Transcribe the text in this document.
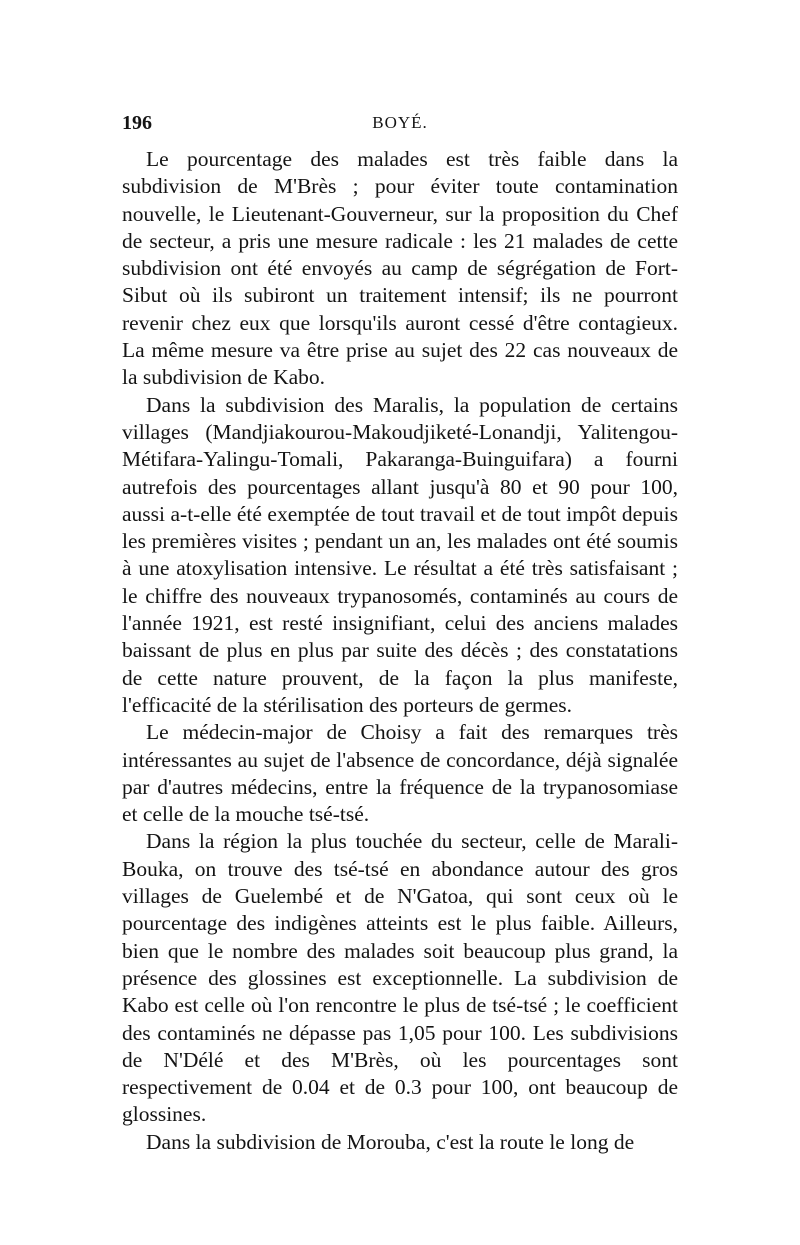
196	BOYÉ.

Le pourcentage des malades est très faible dans la subdivision de M'Brès ; pour éviter toute contamination nouvelle, le Lieutenant-Gouverneur, sur la proposition du Chef de secteur, a pris une mesure radicale : les 21 malades de cette subdivision ont été envoyés au camp de ségrégation de Fort-Sibut où ils subiront un traitement intensif; ils ne pourront revenir chez eux que lorsqu'ils auront cessé d'être contagieux. La même mesure va être prise au sujet des 22 cas nouveaux de la subdivision de Kabo.

Dans la subdivision des Maralis, la population de certains villages (Mandjiakourou-Makoudjiketé-Lonandji, Yalitengou-Métifara-Yalingu-Tomali, Pakaranga-Buinguifara) a fourni autrefois des pourcentages allant jusqu'à 80 et 90 pour 100, aussi a-t-elle été exemptée de tout travail et de tout impôt depuis les premières visites ; pendant un an, les malades ont été soumis à une atoxylisation intensive. Le résultat a été très satisfaisant ; le chiffre des nouveaux trypanosomés, contaminés au cours de l'année 1921, est resté insignifiant, celui des anciens malades baissant de plus en plus par suite des décès ; des constatations de cette nature prouvent, de la façon la plus manifeste, l'efficacité de la stérilisation des porteurs de germes.

Le médecin-major de Choisy a fait des remarques très intéressantes au sujet de l'absence de concordance, déjà signalée par d'autres médecins, entre la fréquence de la trypanosomiase et celle de la mouche tsé-tsé.

Dans la région la plus touchée du secteur, celle de Marali-Bouka, on trouve des tsé-tsé en abondance autour des gros villages de Guelembé et de N'Gatoa, qui sont ceux où le pourcentage des indigènes atteints est le plus faible. Ailleurs, bien que le nombre des malades soit beaucoup plus grand, la présence des glossines est exceptionnelle. La subdivision de Kabo est celle où l'on rencontre le plus de tsé-tsé ; le coefficient des contaminés ne dépasse pas 1,05 pour 100. Les subdivisions de N'Délé et des M'Brès, où les pourcentages sont respectivement de 0.04 et de 0.3 pour 100, ont beaucoup de glossines.

Dans la subdivision de Morouba, c'est la route le long de
